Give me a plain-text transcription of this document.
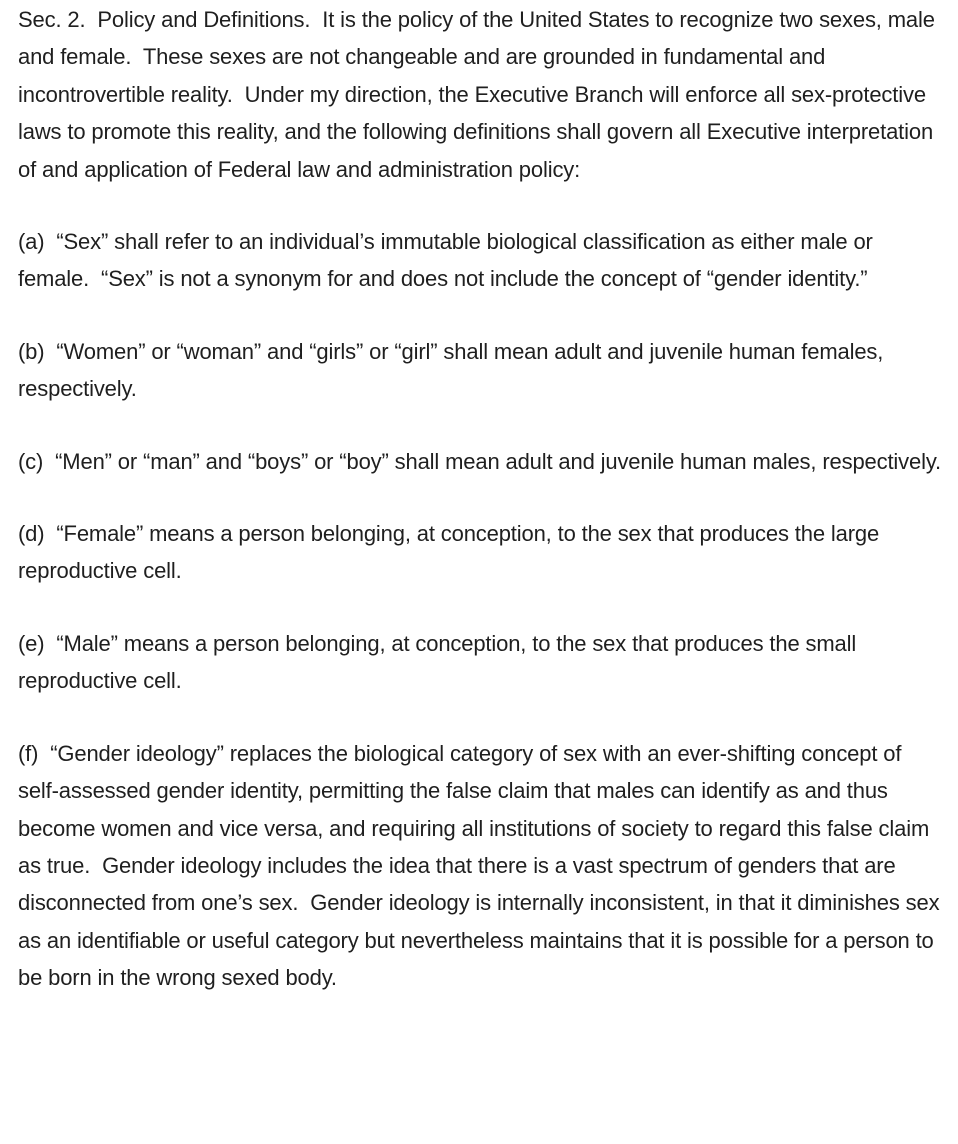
Sec. 2.  Policy and Definitions.  It is the policy of the United States to recognize two sexes, male and female.  These sexes are not changeable and are grounded in fundamental and incontrovertible reality.  Under my direction, the Executive Branch will enforce all sex-protective laws to promote this reality, and the following definitions shall govern all Executive interpretation of and application of Federal law and administration policy:

(a)  “Sex” shall refer to an individual’s immutable biological classification as either male or female.  “Sex” is not a synonym for and does not include the concept of “gender identity.”

(b)  “Women” or “woman” and “girls” or “girl” shall mean adult and juvenile human females, respectively.

(c)  “Men” or “man” and “boys” or “boy” shall mean adult and juvenile human males, respectively.

(d)  “Female” means a person belonging, at conception, to the sex that produces the large reproductive cell.

(e)  “Male” means a person belonging, at conception, to the sex that produces the small reproductive cell.

(f)  “Gender ideology” replaces the biological category of sex with an ever-shifting concept of self-assessed gender identity, permitting the false claim that males can identify as and thus become women and vice versa, and requiring all institutions of society to regard this false claim as true.  Gender ideology includes the idea that there is a vast spectrum of genders that are disconnected from one’s sex.  Gender ideology is internally inconsistent, in that it diminishes sex as an identifiable or useful category but nevertheless maintains that it is possible for a person to be born in the wrong sexed body.
